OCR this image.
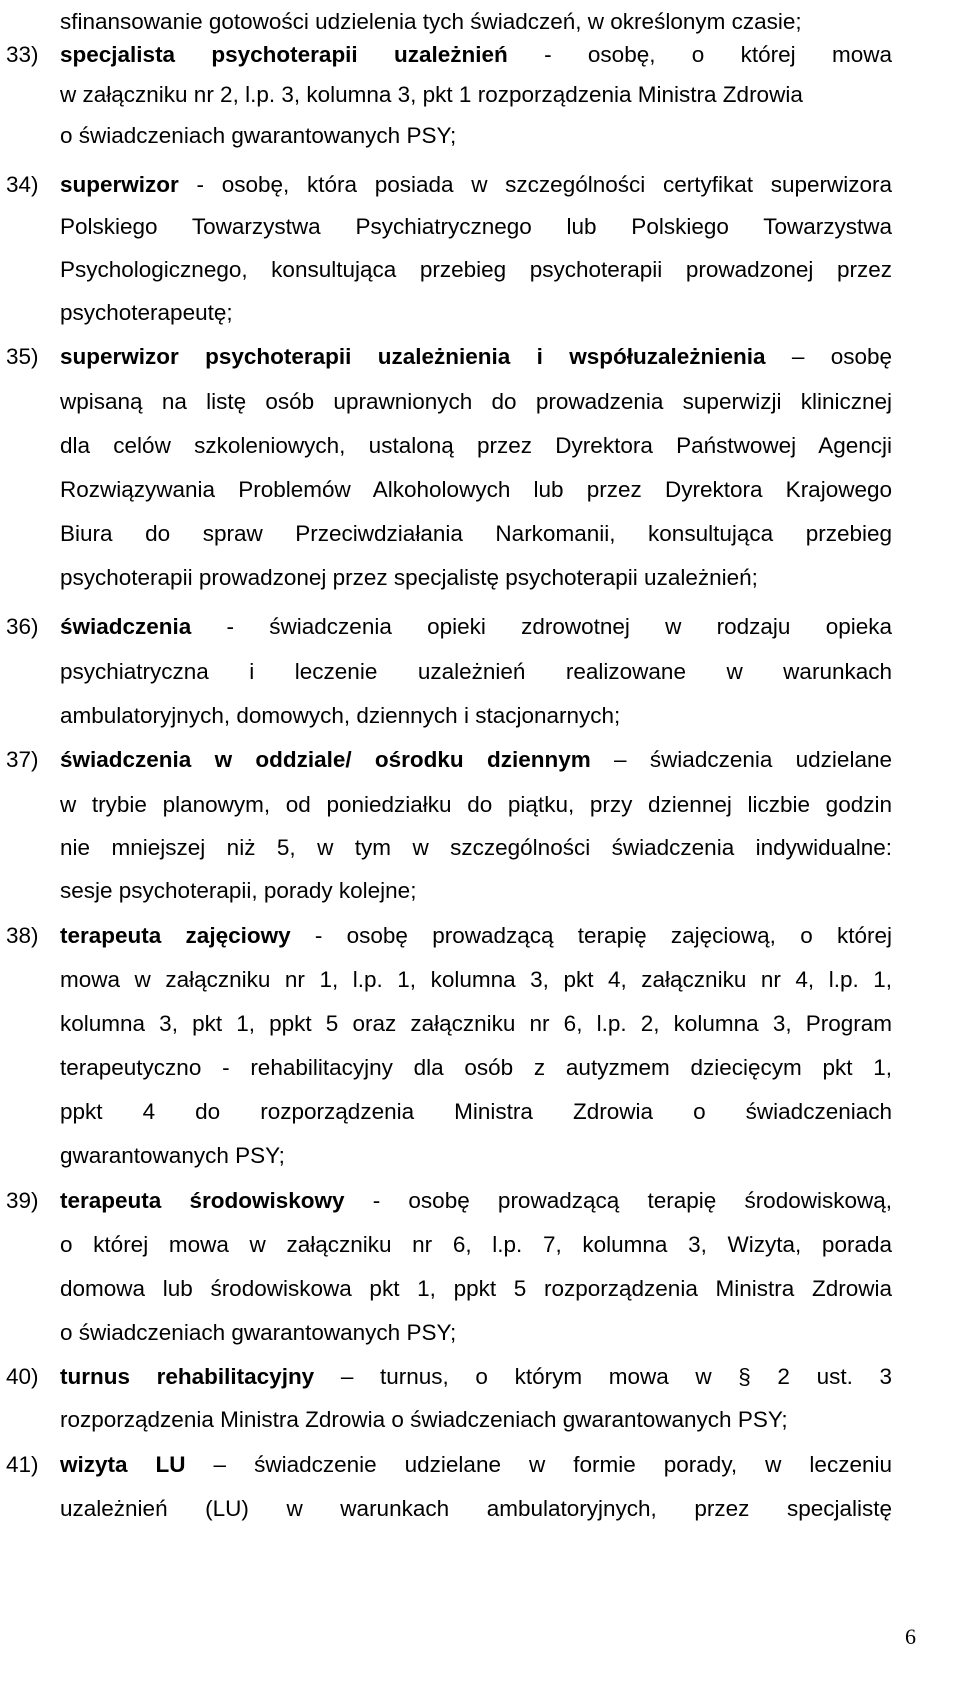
sfinansowanie gotowości udzielenia tych świadczeń, w określonym czasie;
33) specjalista psychoterapii uzależnień - osobę, o której mowa
w załączniku nr 2, l.p. 3, kolumna 3, pkt 1 rozporządzenia Ministra Zdrowia
o świadczeniach gwarantowanych PSY;
34) superwizor - osobę, która posiada w szczególności certyfikat superwizora
Polskiego Towarzystwa Psychiatrycznego lub Polskiego Towarzystwa
Psychologicznego, konsultująca przebieg psychoterapii prowadzonej przez
psychoterapeutę;
35) superwizor psychoterapii uzależnienia i współuzależnienia – osobę
wpisaną na listę osób uprawnionych do prowadzenia superwizji klinicznej
dla celów szkoleniowych, ustaloną przez Dyrektora Państwowej Agencji
Rozwiązywania Problemów Alkoholowych lub przez Dyrektora Krajowego
Biura do spraw Przeciwdziałania Narkomanii, konsultująca przebieg
psychoterapii prowadzonej przez specjalistę psychoterapii uzależnień;
36) świadczenia - świadczenia opieki zdrowotnej w rodzaju opieka
psychiatryczna i leczenie uzależnień realizowane w warunkach
ambulatoryjnych, domowych, dziennych i stacjonarnych;
37) świadczenia w oddziale/ ośrodku dziennym – świadczenia udzielane
w trybie planowym, od poniedziałku do piątku, przy dziennej liczbie godzin
nie mniejszej niż 5, w tym w szczególności świadczenia indywidualne:
sesje psychoterapii, porady kolejne;
38) terapeuta zajęciowy - osobę prowadzącą terapię zajęciową, o której
mowa w załączniku nr 1, l.p. 1, kolumna 3, pkt 4, załączniku nr 4, l.p. 1,
kolumna 3, pkt 1, ppkt 5 oraz załączniku nr 6, l.p. 2, kolumna 3, Program
terapeutyczno - rehabilitacyjny dla osób z autyzmem dziecięcym pkt 1,
ppkt 4 do rozporządzenia Ministra Zdrowia o świadczeniach
gwarantowanych PSY;
39) terapeuta środowiskowy - osobę prowadzącą terapię środowiskową,
o której mowa w załączniku nr 6, l.p. 7, kolumna 3, Wizyta, porada
domowa lub środowiskowa pkt 1, ppkt 5 rozporządzenia Ministra Zdrowia
o świadczeniach gwarantowanych PSY;
40) turnus rehabilitacyjny – turnus, o którym mowa w § 2 ust. 3
rozporządzenia Ministra Zdrowia o świadczeniach gwarantowanych PSY;
41) wizyta LU – świadczenie udzielane w formie porady, w leczeniu
uzależnień (LU) w warunkach ambulatoryjnych, przez specjalistę
6
